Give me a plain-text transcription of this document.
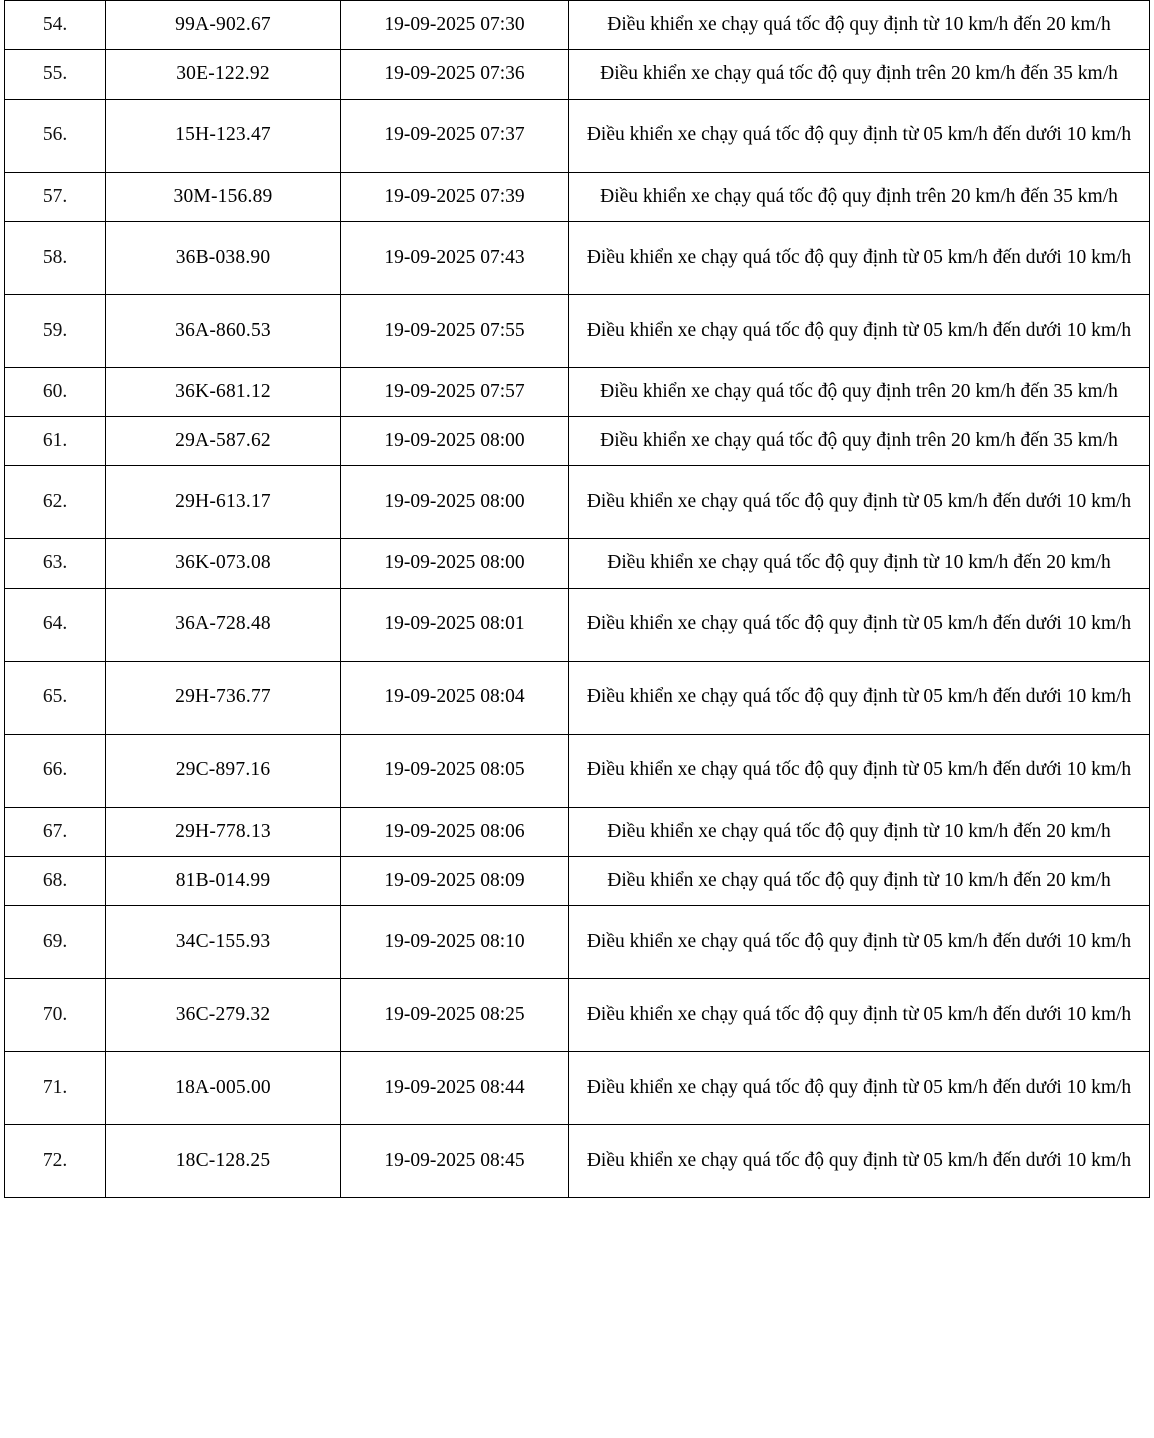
54.	99A-902.67	19-09-2025 07:30	Điều khiển xe chạy quá tốc độ quy định từ 10 km/h đến 20 km/h
55.	30E-122.92	19-09-2025 07:36	Điều khiển xe chạy quá tốc độ quy định trên 20 km/h đến 35 km/h
56.	15H-123.47	19-09-2025 07:37	Điều khiển xe chạy quá tốc độ quy định từ 05 km/h đến dưới 10 km/h
57.	30M-156.89	19-09-2025 07:39	Điều khiển xe chạy quá tốc độ quy định trên 20 km/h đến 35 km/h
58.	36B-038.90	19-09-2025 07:43	Điều khiển xe chạy quá tốc độ quy định từ 05 km/h đến dưới 10 km/h
59.	36A-860.53	19-09-2025 07:55	Điều khiển xe chạy quá tốc độ quy định từ 05 km/h đến dưới 10 km/h
60.	36K-681.12	19-09-2025 07:57	Điều khiển xe chạy quá tốc độ quy định trên 20 km/h đến 35 km/h
61.	29A-587.62	19-09-2025 08:00	Điều khiển xe chạy quá tốc độ quy định trên 20 km/h đến 35 km/h
62.	29H-613.17	19-09-2025 08:00	Điều khiển xe chạy quá tốc độ quy định từ 05 km/h đến dưới 10 km/h
63.	36K-073.08	19-09-2025 08:00	Điều khiển xe chạy quá tốc độ quy định từ 10 km/h đến 20 km/h
64.	36A-728.48	19-09-2025 08:01	Điều khiển xe chạy quá tốc độ quy định từ 05 km/h đến dưới 10 km/h
65.	29H-736.77	19-09-2025 08:04	Điều khiển xe chạy quá tốc độ quy định từ 05 km/h đến dưới 10 km/h
66.	29C-897.16	19-09-2025 08:05	Điều khiển xe chạy quá tốc độ quy định từ 05 km/h đến dưới 10 km/h
67.	29H-778.13	19-09-2025 08:06	Điều khiển xe chạy quá tốc độ quy định từ 10 km/h đến 20 km/h
68.	81B-014.99	19-09-2025 08:09	Điều khiển xe chạy quá tốc độ quy định từ 10 km/h đến 20 km/h
69.	34C-155.93	19-09-2025 08:10	Điều khiển xe chạy quá tốc độ quy định từ 05 km/h đến dưới 10 km/h
70.	36C-279.32	19-09-2025 08:25	Điều khiển xe chạy quá tốc độ quy định từ 05 km/h đến dưới 10 km/h
71.	18A-005.00	19-09-2025 08:44	Điều khiển xe chạy quá tốc độ quy định từ 05 km/h đến dưới 10 km/h
72.	18C-128.25	19-09-2025 08:45	Điều khiển xe chạy quá tốc độ quy định từ 05 km/h đến dưới 10 km/h
